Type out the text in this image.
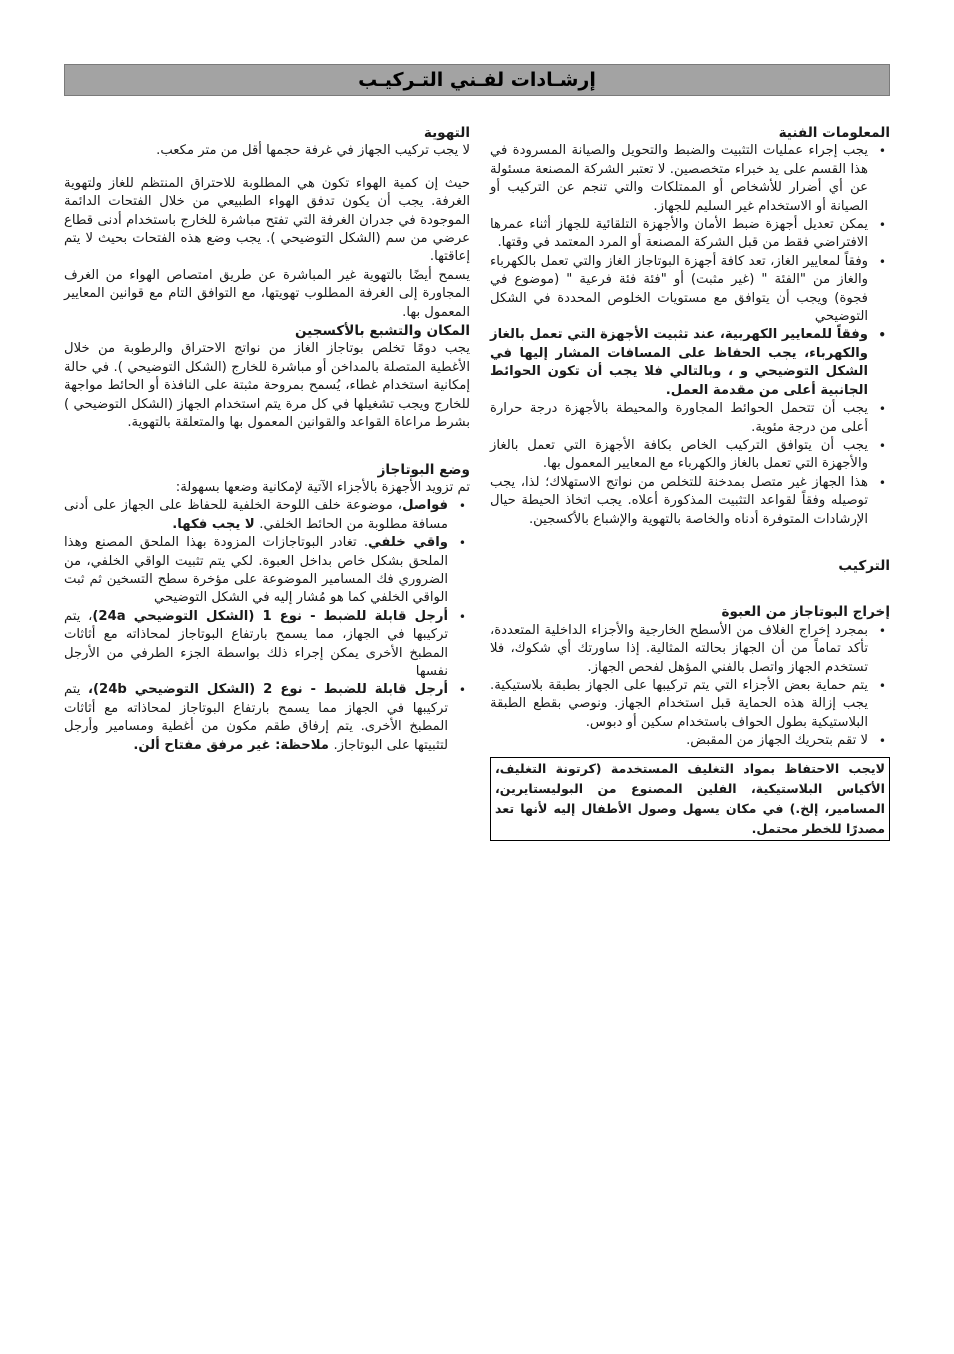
إرشـادات لفـني التـركيـب

المعلومات الفنية

• يجب إجراء عمليات التثبيت والضبط والتحويل والصيانة المسرودة في هذا القسم على يد خبراء متخصصين. لا تعتبر الشركة المصنعة مسئولة عن أي أضرار للأشخاص أو الممتلكات والتي تنجم عن التركيب أو الصيانة أو الاستخدام غير السليم للجهاز.
• يمكن تعديل أجهزة ضبط الأمان والأجهزة التلقائية للجهاز أثناء عمرها الافتراضي فقط من قبل الشركة المصنعة أو المرد المعتمد في وقتها.
• وفقاً لمعايير الغاز، تعد كافة أجهزة البوتاجاز الغاز والتي تعمل بالكهرباء والغاز من "الفئة " (غير مثبت) أو "فئة فئة فرعية " (موضوع في فجوة) ويجب أن يتوافق مع مستويات الخلوص المحددة في الشكل التوضيحي
• وفقاً للمعايير الكهربية، عند تثبيت الأجهزة التي تعمل بالغاز والكهرباء، يجب الحفاظ على المسافات المشار إليها في الشكل التوضيحي و ، وبالتالي فلا يجب أن تكون الحوائط الجانبية أعلى من مقدمة العمل.
• يجب أن تتحمل الحوائط المجاورة والمحيطة بالأجهزة درجة حرارة أعلى من درجة مئوية.
• يجب أن يتوافق التركيب الخاص بكافة الأجهزة التي تعمل بالغاز والأجهزة التي تعمل بالغاز والكهرباء مع المعايير المعمول بها.
• هذا الجهاز غير متصل بمدخنة للتخلص من نواتج الاستهلاك؛ لذا، يجب توصيله وفقاً لقواعد التثبيت المذكورة أعلاه. يجب اتخاذ الحيطة حيال الإرشادات المتوفرة أدناه والخاصة بالتهوية والإشباع بالأكسجين.

التركيب

إخراج البوتاجاز من العبوة

• بمجرد إخراج الغلاف من الأسطح الخارجية والأجزاء الداخلية المتعددة، تأكد تماماً من أن الجهاز بحالته المثالية. إذا ساورتك أي شكوك، فلا تستخدم الجهاز واتصل بالفني المؤهل لفحص الجهاز.
• يتم حماية بعض الأجزاء التي يتم تركيبها على الجهاز بطبقة بلاستيكية. يجب إزالة هذه الحماية قبل استخدام الجهاز. ونوصي بقطع الطبقة البلاستيكية بطول الحواف باستخدام سكين أو دبوس.
• لا تقم بتحريك الجهاز من المقبض.
لايجب الاحتفاظ بمواد التغليف المستخدمة (كرتونة التغليف، الأكياس البلاستيكية، الفلين المصنوع من البوليستايرين، المسامير، إلخ.) في مكان يسهل وصول الأطفال إليه لأنها تعد مصدرًا للخطر محتمل.

التهوية

لا يجب تركيب الجهاز في غرفة حجمها أقل من متر مكعب.

حيث إن كمية الهواء تكون هي المطلوبة للاحتراق المنتظم للغاز ولتهوية الغرفة. يجب أن يكون تدفق الهواء الطبيعي من خلال الفتحات الدائمة الموجودة في جدران الغرفة التي تفتح مباشرة للخارج باستخدام أدنى قطاع عرضي من سم (الشكل التوضيحي ). يجب وضع هذه الفتحات بحيث لا يتم إعاقتها.

يسمح أيضًا بالتهوية غير المباشرة عن طريق امتصاص الهواء من الغرف المجاورة إلى الغرفة المطلوب تهويتها، مع التوافق التام مع قوانين المعايير المعمول بها.

المكان والتشبع بالأكسجين

يجب دومًا تخلص بوتاجاز الغاز من نواتج الاحتراق والرطوبة من خلال الأغطية المتصلة بالمداخن أو مباشرة للخارج (الشكل التوضيحي ). في حالة إمكانية استخدام غطاء، يُسمح بمروحة مثبتة على النافذة أو الحائط مواجهة للخارج ويجب تشغيلها في كل مرة يتم استخدام الجهاز (الشكل التوضيحي ) بشرط مراعاة القواعد والقوانين المعمول بها والمتعلقة بالتهوية.

وضع البوتاجاز

تم تزويد الأجهزة بالأجزاء الآتية لإمكانية وضعها بسهولة:

• فواصل، موضوعة خلف اللوحة الخلفية للحفاظ على الجهاز على أدنى مسافة مطلوبة من الحائط الخلفي. لا يجب فكها.
• واقي خلفي. تغادر البوتاجازات المزودة بهذا الملحق المصنع وهذا الملحق بشكل خاص بداخل العبوة. لكي يتم تثبيت الواقي الخلفي، من الضروري فك المسامير الموضوعة على مؤخرة سطح التسخين ثم ثبت الواقي الخلفي كما هو مُشار إليه في الشكل التوضيحي
• أرجل قابلة للضبط - نوع 1 (الشكل التوضيحي 24a)، يتم تركيبها في الجهاز، مما يسمح بارتفاع البوتاجاز لمحاذاته مع أثاثات المطبخ الأخرى يمكن إجراء ذلك بواسطة الجزء الطرفي من الأرجل نفسها
• أرجل قابلة للضبط - نوع 2 (الشكل التوضيحي 24b)، يتم تركيبها في الجهاز مما يسمح بارتفاع البوتاجاز لمحاذاته مع أثاثات المطبخ الأخرى. يتم إرفاق طقم مكون من أغطية ومسامير وأرجل لتثبيتها على البوتاجاز. ملاحظة: غير مرفق مفتاح ألن.
